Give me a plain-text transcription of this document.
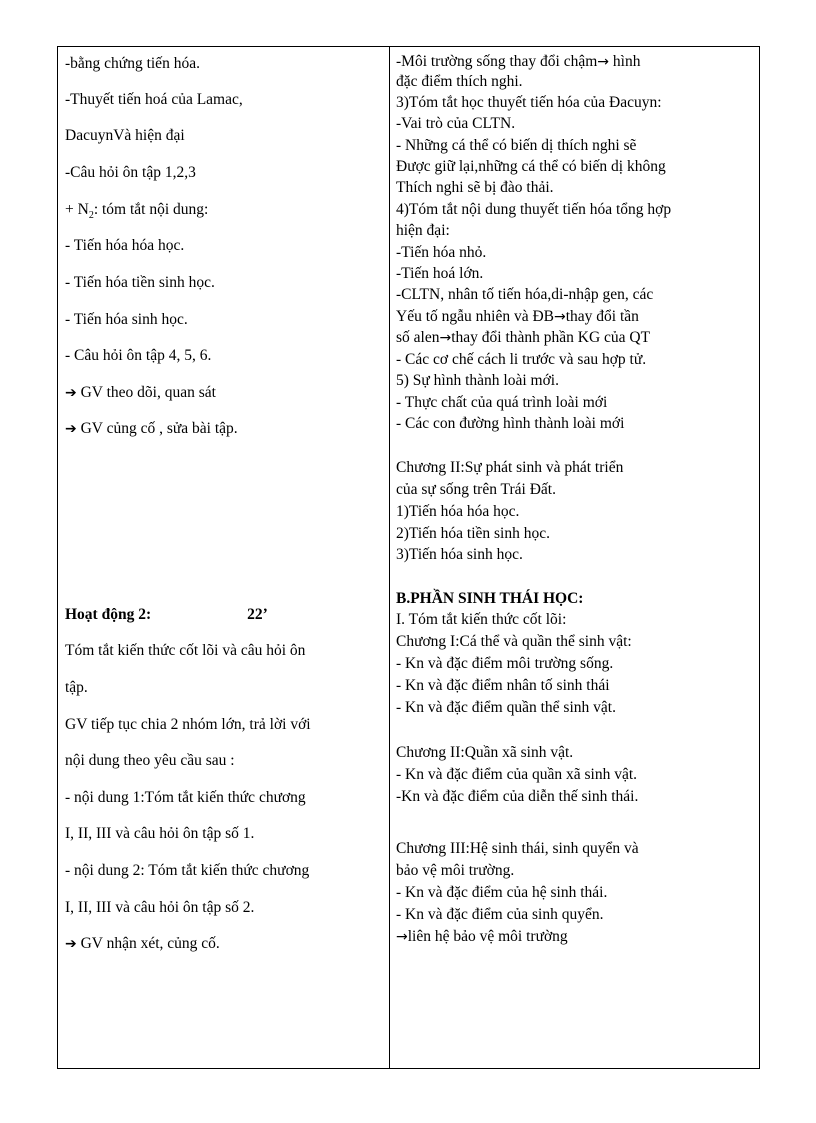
-bằng chứng tiến hóa.
-Thuyết tiến hoá của Lamac,
DacuynVà hiện đại
-Câu hỏi ôn tập 1,2,3
+ $N_2$: tóm tắt nội dung:
- Tiến hóa hóa học.
- Tiến hóa tiền sinh học.
- Tiến hóa sinh học.
- Câu hỏi ôn tập 4, 5, 6.
➔ GV theo dõi, quan sát
➔ GV củng cố , sửa bài tập.
Hoạt động 2:	22’
Tóm tắt kiến thức cốt lõi và câu hỏi ôn
tập.
GV tiếp tục chia 2 nhóm lớn, trả lời với
nội dung theo yêu cầu sau :
- nội dung 1:Tóm tắt kiến thức chương
I, II, III và câu hỏi ôn tập số 1.
- nội dung 2: Tóm tắt kiến thức chương
I, II, III và câu hỏi ôn tập số 2.
➔ GV nhận xét, củng cố.
-Môi trường sống thay đổi chậm→ hình
đặc điểm thích nghi.
3)Tóm tắt học thuyết tiến hóa của Đacuyn:
-Vai trò của CLTN.
- Những cá thể có biến dị thích nghi sẽ
Được giữ lại,những cá thể có biến dị không
Thích nghi sẽ bị đào thải.
4)Tóm tắt nội dung thuyết tiến hóa tổng hợp
hiện đại:
-Tiến hóa nhỏ.
-Tiến hoá lớn.
-CLTN, nhân tố tiến hóa,di-nhập gen, các
Yếu tố ngẫu nhiên và ĐB→thay đổi tần
số alen→thay đổi thành phần KG của QT
- Các cơ chế cách li trước và sau hợp tử.
5) Sự hình thành loài mới.
- Thực chất của quá trình loài mới
- Các con đường hình thành loài mới
Chương II:Sự phát sinh và phát triển
của sự sống trên Trái Đất.
1)Tiến hóa hóa học.
2)Tiến hóa tiền sinh học.
3)Tiến hóa sinh học.
B.PHẦN SINH THÁI HỌC:
I. Tóm tắt kiến thức cốt lõi:
Chương I:Cá thể và quần thể sinh vật:
- Kn và đặc điểm môi trường sống.
- Kn và đặc điểm nhân tố sinh thái
- Kn và đặc điểm quần thể sinh vật.
Chương II:Quần xã sinh vật.
- Kn và đặc điểm của quần xã sinh vật.
-Kn và đặc điểm của diễn thế sinh thái.
Chương III:Hệ sinh thái, sinh quyển và
bảo vệ môi trường.
- Kn và đặc điểm của hệ sinh thái.
- Kn và đặc điểm của sinh quyển.
→liên hệ bảo vệ môi trường
